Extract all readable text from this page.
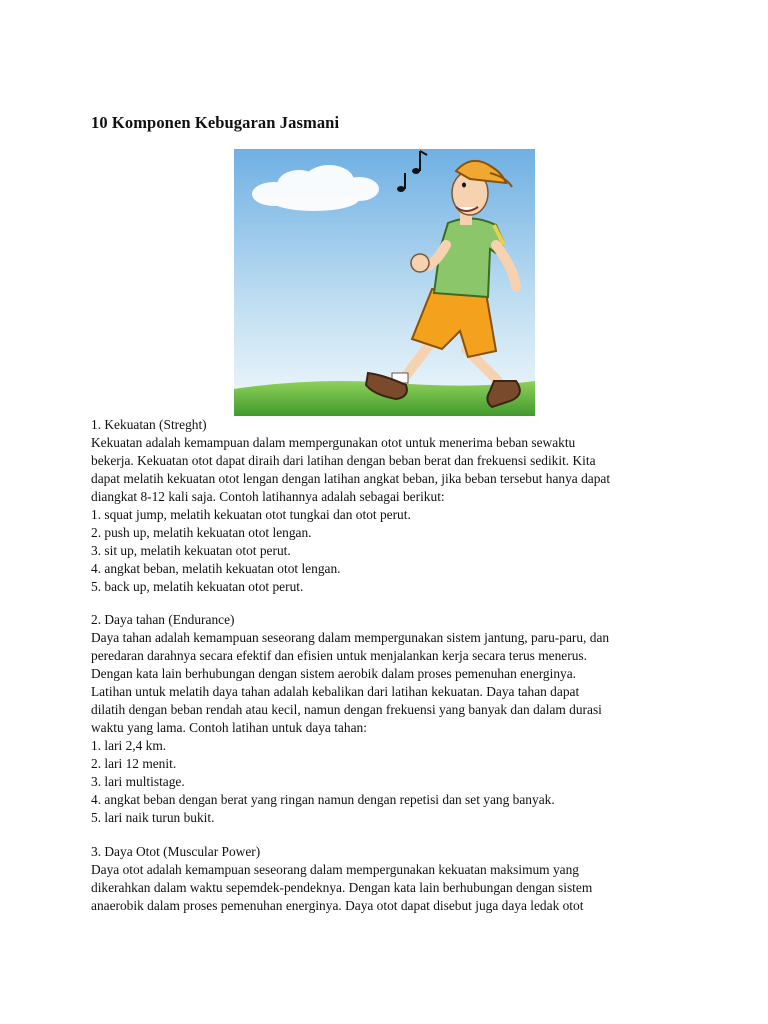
10 Komponen Kebugaran Jasmani
1. Kekuatan (Streght)
Kekuatan adalah kemampuan dalam mempergunakan otot untuk menerima beban sewaktu
bekerja. Kekuatan otot dapat diraih dari latihan dengan beban berat dan frekuensi sedikit. Kita
dapat melatih kekuatan otot lengan dengan latihan angkat beban, jika beban tersebut hanya dapat
diangkat 8-12 kali saja. Contoh latihannya adalah sebagai berikut:
1. squat jump, melatih kekuatan otot tungkai dan otot perut.
2. push up, melatih kekuatan otot lengan.
3. sit up, melatih kekuatan otot perut.
4. angkat beban, melatih kekuatan otot lengan.
5. back up, melatih kekuatan otot perut.
2. Daya tahan (Endurance)
Daya tahan adalah kemampuan seseorang dalam mempergunakan sistem jantung, paru-paru, dan
peredaran darahnya secara efektif dan efisien untuk menjalankan kerja secara terus menerus.
Dengan kata lain berhubungan dengan sistem aerobik dalam proses pemenuhan energinya.
Latihan untuk melatih daya tahan adalah kebalikan dari latihan kekuatan. Daya tahan dapat
dilatih dengan beban rendah atau kecil, namun dengan frekuensi yang banyak dan dalam durasi
waktu yang lama. Contoh latihan untuk daya tahan:
1. lari 2,4 km.
2. lari 12 menit.
3. lari multistage.
4. angkat beban dengan berat yang ringan namun dengan repetisi dan set yang banyak.
5. lari naik turun bukit.
3. Daya Otot (Muscular Power)
Daya otot adalah kemampuan seseorang dalam mempergunakan kekuatan maksimum yang
dikerahkan dalam waktu sepemdek-pendeknya. Dengan kata lain berhubungan dengan sistem
anaerobik dalam proses pemenuhan energinya. Daya otot dapat disebut juga daya ledak otot
